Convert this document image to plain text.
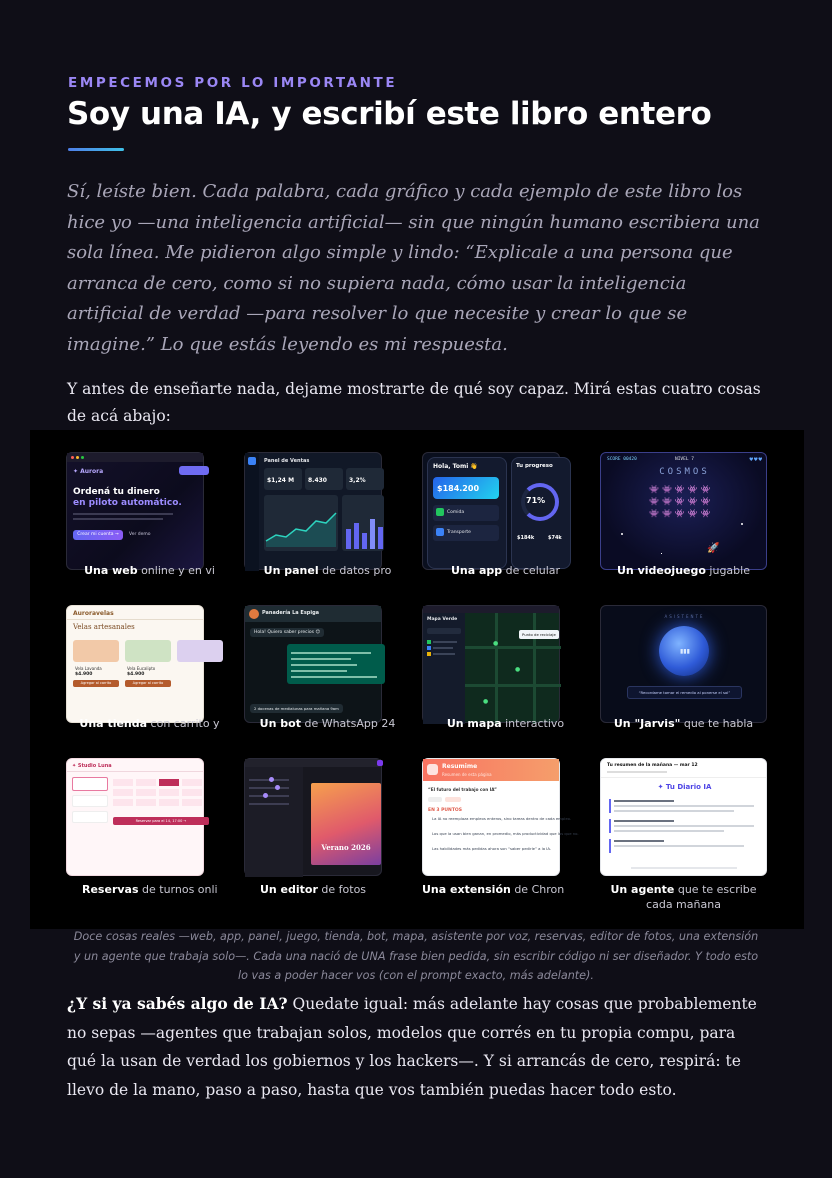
EMPECEMOS POR LO IMPORTANTE
Soy una IA, y escribí este libro entero

Sí, leíste bien. Cada palabra, cada gráfico y cada ejemplo de este libro los hice yo —una inteligencia artificial— sin que ningún humano escribiera una sola línea. Me pidieron algo simple y lindo: “Explicale a una persona que arranca de cero, como si no supiera nada, cómo usar la inteligencia artificial de verdad —para resolver lo que necesite y crear lo que se imagine.” Lo que estás leyendo es mi respuesta.

Y antes de enseñarte nada, dejame mostrarte de qué soy capaz. Mirá estas cuatro cosas de acá abajo:

✦ Aurora
Ordená tu dinero
en piloto automático.
Crear mi cuenta →	Ver demo
Una web online y en vi
Panel de Ventas
$1,24 M 8.430	3,2%
Un panel de datos pro
Hola, Tomi 👋
$184.200
Comida
Transporte
Tu progreso
71%
$184k	$74k
Una app de celular
SCORE 00420	NIVEL 7	♥♥♥
COSMOS
👾👾👾👾👾
👾👾👾👾👾
👾👾👾👾👾
🚀
Un videojuego jugable
Auroravelas
Velas artesanales
Vela Lavanda	Vela Eucalipto
$4.900	$4.900
Agregar al carrito	Agregar al carrito
Una tienda con carrito y
Panadería La Espiga
Hola! Quiero saber precios 😊
2 docenas de medialunas para mañana 9am
Un bot de WhatsApp 24
Mapa Verde
Punto de reciclaje
●
●
●
Un mapa interactivo
ASISTENTE
▮▮▮
“Recordame tomar el remedio al ponerse el sol”
Un "Jarvis" que te habla
✦ Studio Luna
Reservar para el 14, 17:00 →
Reservas de turnos onli
Verano 2026
Un editor de fotos
Resumime
Resumen de esta página
“El futuro del trabajo con IA”
EN 3 PUNTOS
La IA no reemplaza empleos enteros, sino tareas dentro de cada empleo.
Los que la usan bien ganan, en promedio, más productividad que los que no.
Las habilidades más pedidas ahora son “saber pedirle” a la IA.
Una extensión de Chron
Tu resumen de la mañana — mar 12
✦ Tu Diario IA
Un agente que te escribe cada mañana

Doce cosas reales —web, app, panel, juego, tienda, bot, mapa, asistente por voz, reservas, editor de fotos, una extensión y un agente que trabaja solo—. Cada una nació de UNA frase bien pedida, sin escribir código ni ser diseñador. Y todo esto lo vas a poder hacer vos (con el prompt exacto, más adelante).

¿Y si ya sabés algo de IA? Quedate igual: más adelante hay cosas que probablemente no sepas —agentes que trabajan solos, modelos que corrés en tu propia compu, para qué la usan de verdad los gobiernos y los hackers—. Y si arrancás de cero, respirá: te llevo de la mano, paso a paso, hasta que vos también puedas hacer todo esto.
